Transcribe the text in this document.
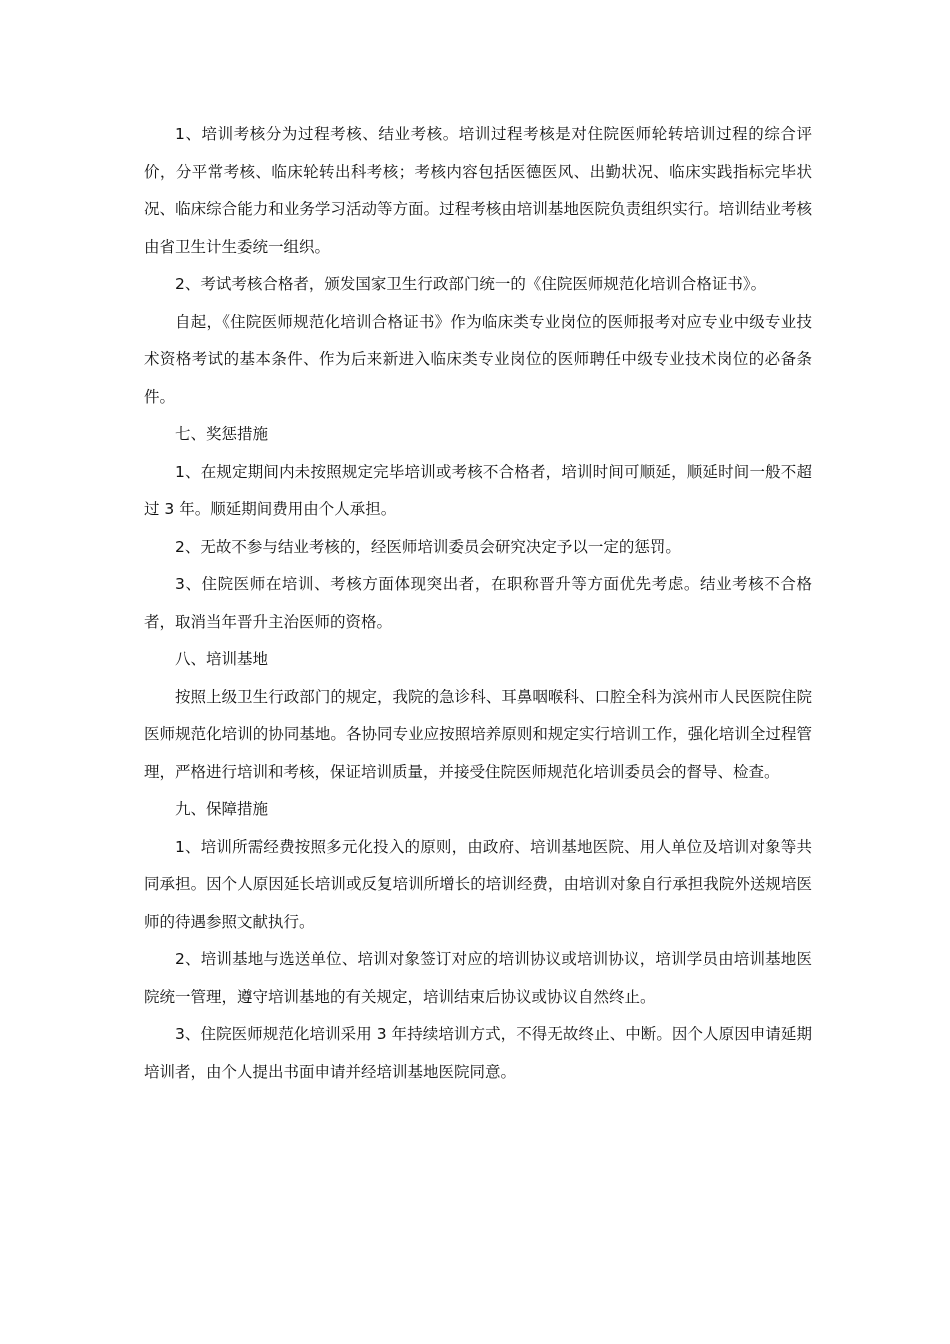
1、培训考核分为过程考核、结业考核。培训过程考核是对住院医师轮转培训过程的综合评价，分平常考核、临床轮转出科考核；考核内容包括医德医风、出勤状况、临床实践指标完毕状况、临床综合能力和业务学习活动等方面。过程考核由培训基地医院负责组织实行。培训结业考核由省卫生计生委统一组织。

2、考试考核合格者，颁发国家卫生行政部门统一的《住院医师规范化培训合格证书》。

自起，《住院医师规范化培训合格证书》作为临床类专业岗位的医师报考对应专业中级专业技术资格考试的基本条件、作为后来新进入临床类专业岗位的医师聘任中级专业技术岗位的必备条件。

七、奖惩措施

1、在规定期间内未按照规定完毕培训或考核不合格者，培训时间可顺延，顺延时间一般不超过 3 年。顺延期间费用由个人承担。

2、无故不参与结业考核的，经医师培训委员会研究决定予以一定的惩罚。

3、住院医师在培训、考核方面体现突出者，在职称晋升等方面优先考虑。结业考核不合格者，取消当年晋升主治医师的资格。

八、培训基地

按照上级卫生行政部门的规定，我院的急诊科、耳鼻咽喉科、口腔全科为滨州市人民医院住院医师规范化培训的协同基地。各协同专业应按照培养原则和规定实行培训工作，强化培训全过程管理，严格进行培训和考核，保证培训质量，并接受住院医师规范化培训委员会的督导、检查。

九、保障措施

1、培训所需经费按照多元化投入的原则，由政府、培训基地医院、用人单位及培训对象等共同承担。因个人原因延长培训或反复培训所增长的培训经费，由培训对象自行承担我院外送规培医师的待遇参照文献执行。

2、培训基地与选送单位、培训对象签订对应的培训协议或培训协议，培训学员由培训基地医院统一管理，遵守培训基地的有关规定，培训结束后协议或协议自然终止。

3、住院医师规范化培训采用 3 年持续培训方式，不得无故终止、中断。因个人原因申请延期培训者，由个人提出书面申请并经培训基地医院同意。
